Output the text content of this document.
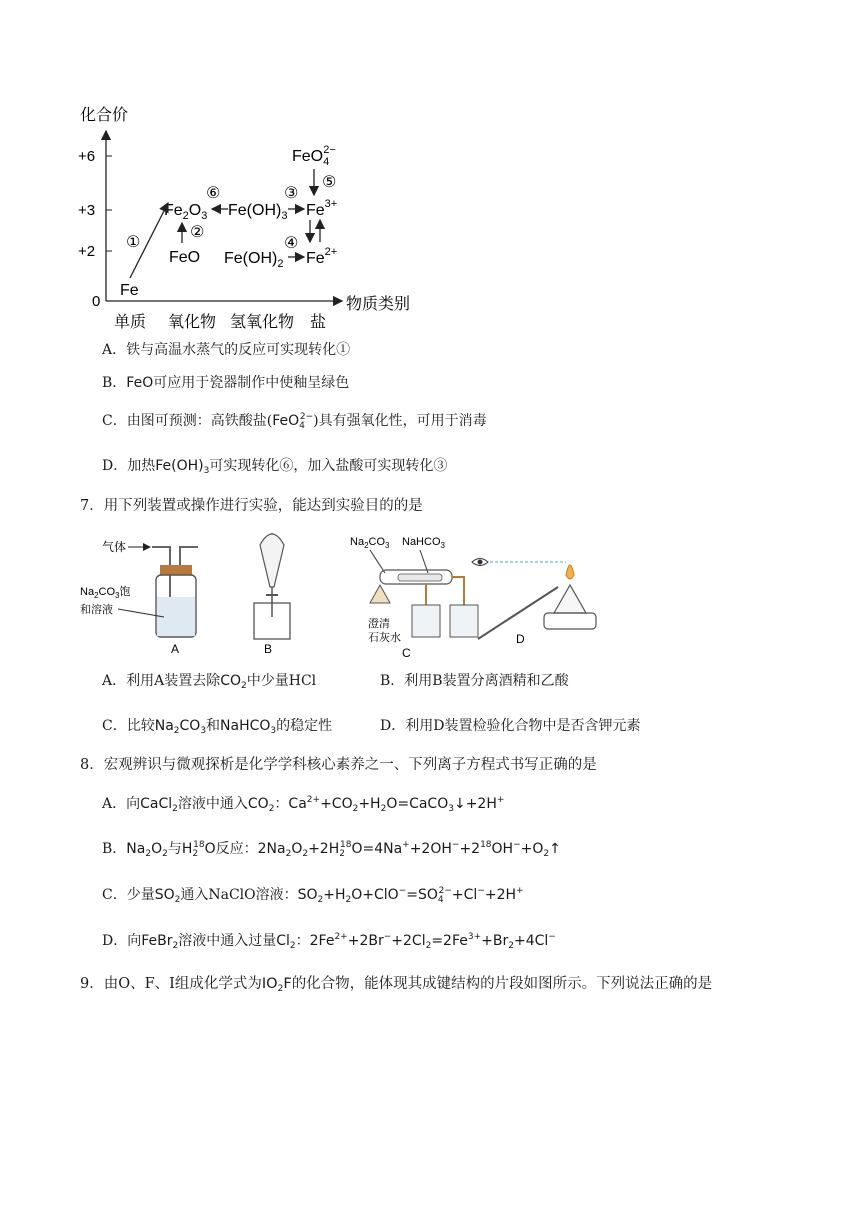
化合价
物质类别
+6
+3
+2
0
单质 氧化物 氢氧化物 盐
Fe
FeO
$Fe_2O_3$ $Fe(OH)_3$
$Fe(OH)_2$
$Fe^{3+}$
$Fe^{2+}$
FeO$_4$2−
①
②
③
④
⑤
⑥
A．铁与高温水蒸气的反应可实现转化①
B．FeO可应用于瓷器制作中使釉呈绿色
C．由图可预测：高铁酸盐(FeO$_4^{2-}$)具有强氧化性，可用于消毒
D．加热$Fe(OH)_3$可实现转化⑥，加入盐酸可实现转化③
7．用下列装置或操作进行实验，能达到实验目的的是
气体
$Na_2CO_3$饱
和溶液
A	B
$Na_2CO_3$ NaHCO$_3$
澄清
石灰水
C
D
A．利用A装置去除$CO_2$中少量HCl	B．利用B装置分离酒精和乙酸
C．比较$Na_2CO_3$和NaHCO$_3$的稳定性	D．利用D装置检验化合物中是否含钾元素
8．宏观辨识与微观探析是化学学科核心素养之一、下列离子方程式书写正确的是
A．向CaCl$_2$溶液中通入$CO_2$：$Ca^{2+}+CO_2+H_2O=CaCO_3↓+2H^+$
B．$Na_2O_2$与$H_2^{18}O$反应：$2Na_2O_2+2H_2^{18}O=4Na^++2OH^-+2^{18}OH^-+O_2↑$
C．少量$SO_2$通入NaClO溶液：$SO_2+H_2O+ClO^-=SO_4^{2-}+Cl^-+2H^+$
D．向FeBr$_2$溶液中通入过量$Cl_2$：$2Fe^{2+}+2Br^-+2Cl_2=2Fe^{3+}+Br_2+4Cl^-$
9．由O、F、I组成化学式为$IO_2F$的化合物，能体现其成键结构的片段如图所示。下列说法正确的是
